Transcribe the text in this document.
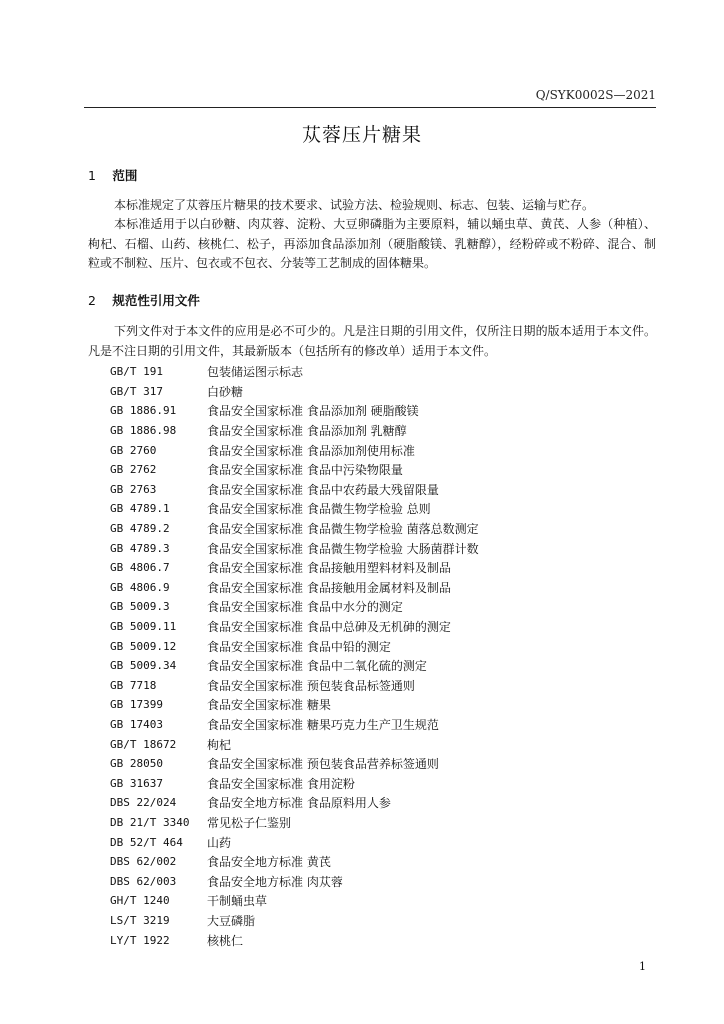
Q/SYK0002S—2021
苁蓉压片糖果
1 范围
本标准规定了苁蓉压片糖果的技术要求、试验方法、检验规则、标志、包装、运输与贮存。
本标准适用于以白砂糖、肉苁蓉、淀粉、大豆卵磷脂为主要原料，辅以蛹虫草、黄芪、人参（种植）、枸杞、石榴、山药、核桃仁、松子，再添加食品添加剂（硬脂酸镁、乳糖醇），经粉碎或不粉碎、混合、制粒或不制粒、压片、包衣或不包衣、分装等工艺制成的固体糖果。
2 规范性引用文件
下列文件对于本文件的应用是必不可少的。凡是注日期的引用文件，仅所注日期的版本适用于本文件。凡是不注日期的引用文件，其最新版本（包括所有的修改单）适用于本文件。
GB/T 191	包装储运图示标志
GB/T 317	白砂糖
GB 1886.91	食品安全国家标准 食品添加剂 硬脂酸镁
GB 1886.98	食品安全国家标准 食品添加剂 乳糖醇
GB 2760	食品安全国家标准 食品添加剂使用标准
GB 2762	食品安全国家标准 食品中污染物限量
GB 2763	食品安全国家标准 食品中农药最大残留限量
GB 4789.1	食品安全国家标准 食品微生物学检验 总则
GB 4789.2	食品安全国家标准 食品微生物学检验 菌落总数测定
GB 4789.3	食品安全国家标准 食品微生物学检验 大肠菌群计数
GB 4806.7	食品安全国家标准 食品接触用塑料材料及制品
GB 4806.9	食品安全国家标准 食品接触用金属材料及制品
GB 5009.3	食品安全国家标准 食品中水分的测定
GB 5009.11	食品安全国家标准 食品中总砷及无机砷的测定
GB 5009.12	食品安全国家标准 食品中铅的测定
GB 5009.34	食品安全国家标准 食品中二氧化硫的测定
GB 7718	食品安全国家标准 预包装食品标签通则
GB 17399	食品安全国家标准 糖果
GB 17403	食品安全国家标准 糖果巧克力生产卫生规范
GB/T 18672	枸杞
GB 28050	食品安全国家标准 预包装食品营养标签通则
GB 31637	食品安全国家标准 食用淀粉
DBS 22/024	食品安全地方标准 食品原料用人参
DB 21/T 3340	常见松子仁鉴别
DB 52/T 464	山药
DBS 62/002	食品安全地方标准 黄芪
DBS 62/003	食品安全地方标准 肉苁蓉
GH/T 1240	干制蛹虫草
LS/T 3219	大豆磷脂
LY/T 1922	核桃仁
1
